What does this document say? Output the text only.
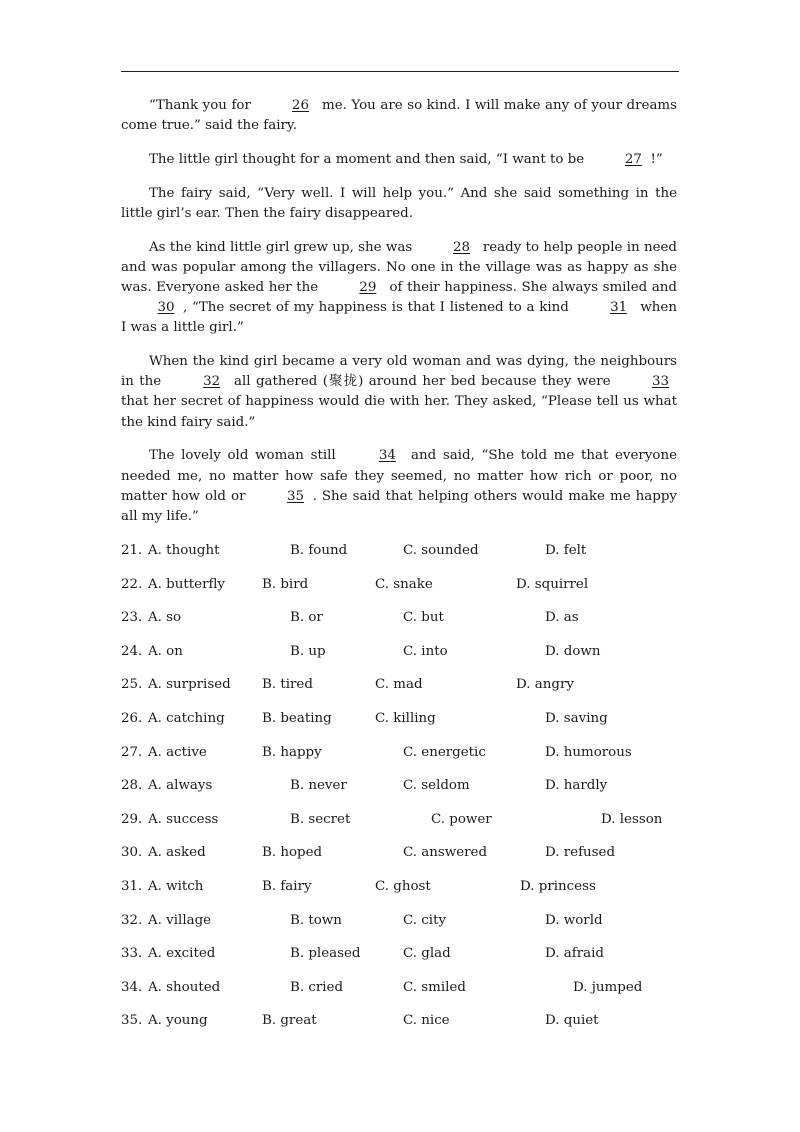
“Thank you for	26 me. You are so kind. I will make any of your dreams come true.” said the fairy.

The little girl thought for a moment and then said, “I want to be	27 !”

The fairy said, “Very well. I will help you.” And she said something in the little girl’s ear. Then the fairy disappeared.

As the kind little girl grew up, she was	28 ready to help people in need and was popular among the villagers. No one in the village was as happy as she was. Everyone asked her the	29 of their happiness. She always smiled and 30 , “The secret of my happiness is that I listened to a kind	31 when I was a little girl.”

When the kind girl became a very old woman and was dying, the neighbours in the	32 all gathered (聚拢) around her bed because they were	33 that her secret of happiness would die with her. They asked, “Please tell us what the kind fairy said.”

The lovely old woman still	34 and said, “She told me that everyone needed me, no matter how safe they seemed, no matter how rich or poor, no matter how old or	35 . She said that helping others would make me happy all my life.”

21. A. thought	B. found	C. sounded	D. felt
22. A. butterfly	B. bird	C. snake	D. squirrel
23. A. so	B. or	C. but	D. as
24. A. on	B. up	C. into	D. down
25. A. surprised B. tired	C. mad	D. angry
26. A. catching	B. beating	C. killing	D. saving
27. A. active	B. happy	C. energetic	D. humorous
28. A. always	B. never	C. seldom	D. hardly
29. A. success	B. secret	C. power	D. lesson
30. A. asked	B. hoped	C. answered	D. refused
31. A. witch	B. fairy	C. ghost	D. princess
32. A. village	B. town	C. city	D. world
33. A. excited	B. pleased	C. glad	D. afraid
34. A. shouted	B. cried	C. smiled	D. jumped
35. A. young	B. great	C. nice	D. quiet
